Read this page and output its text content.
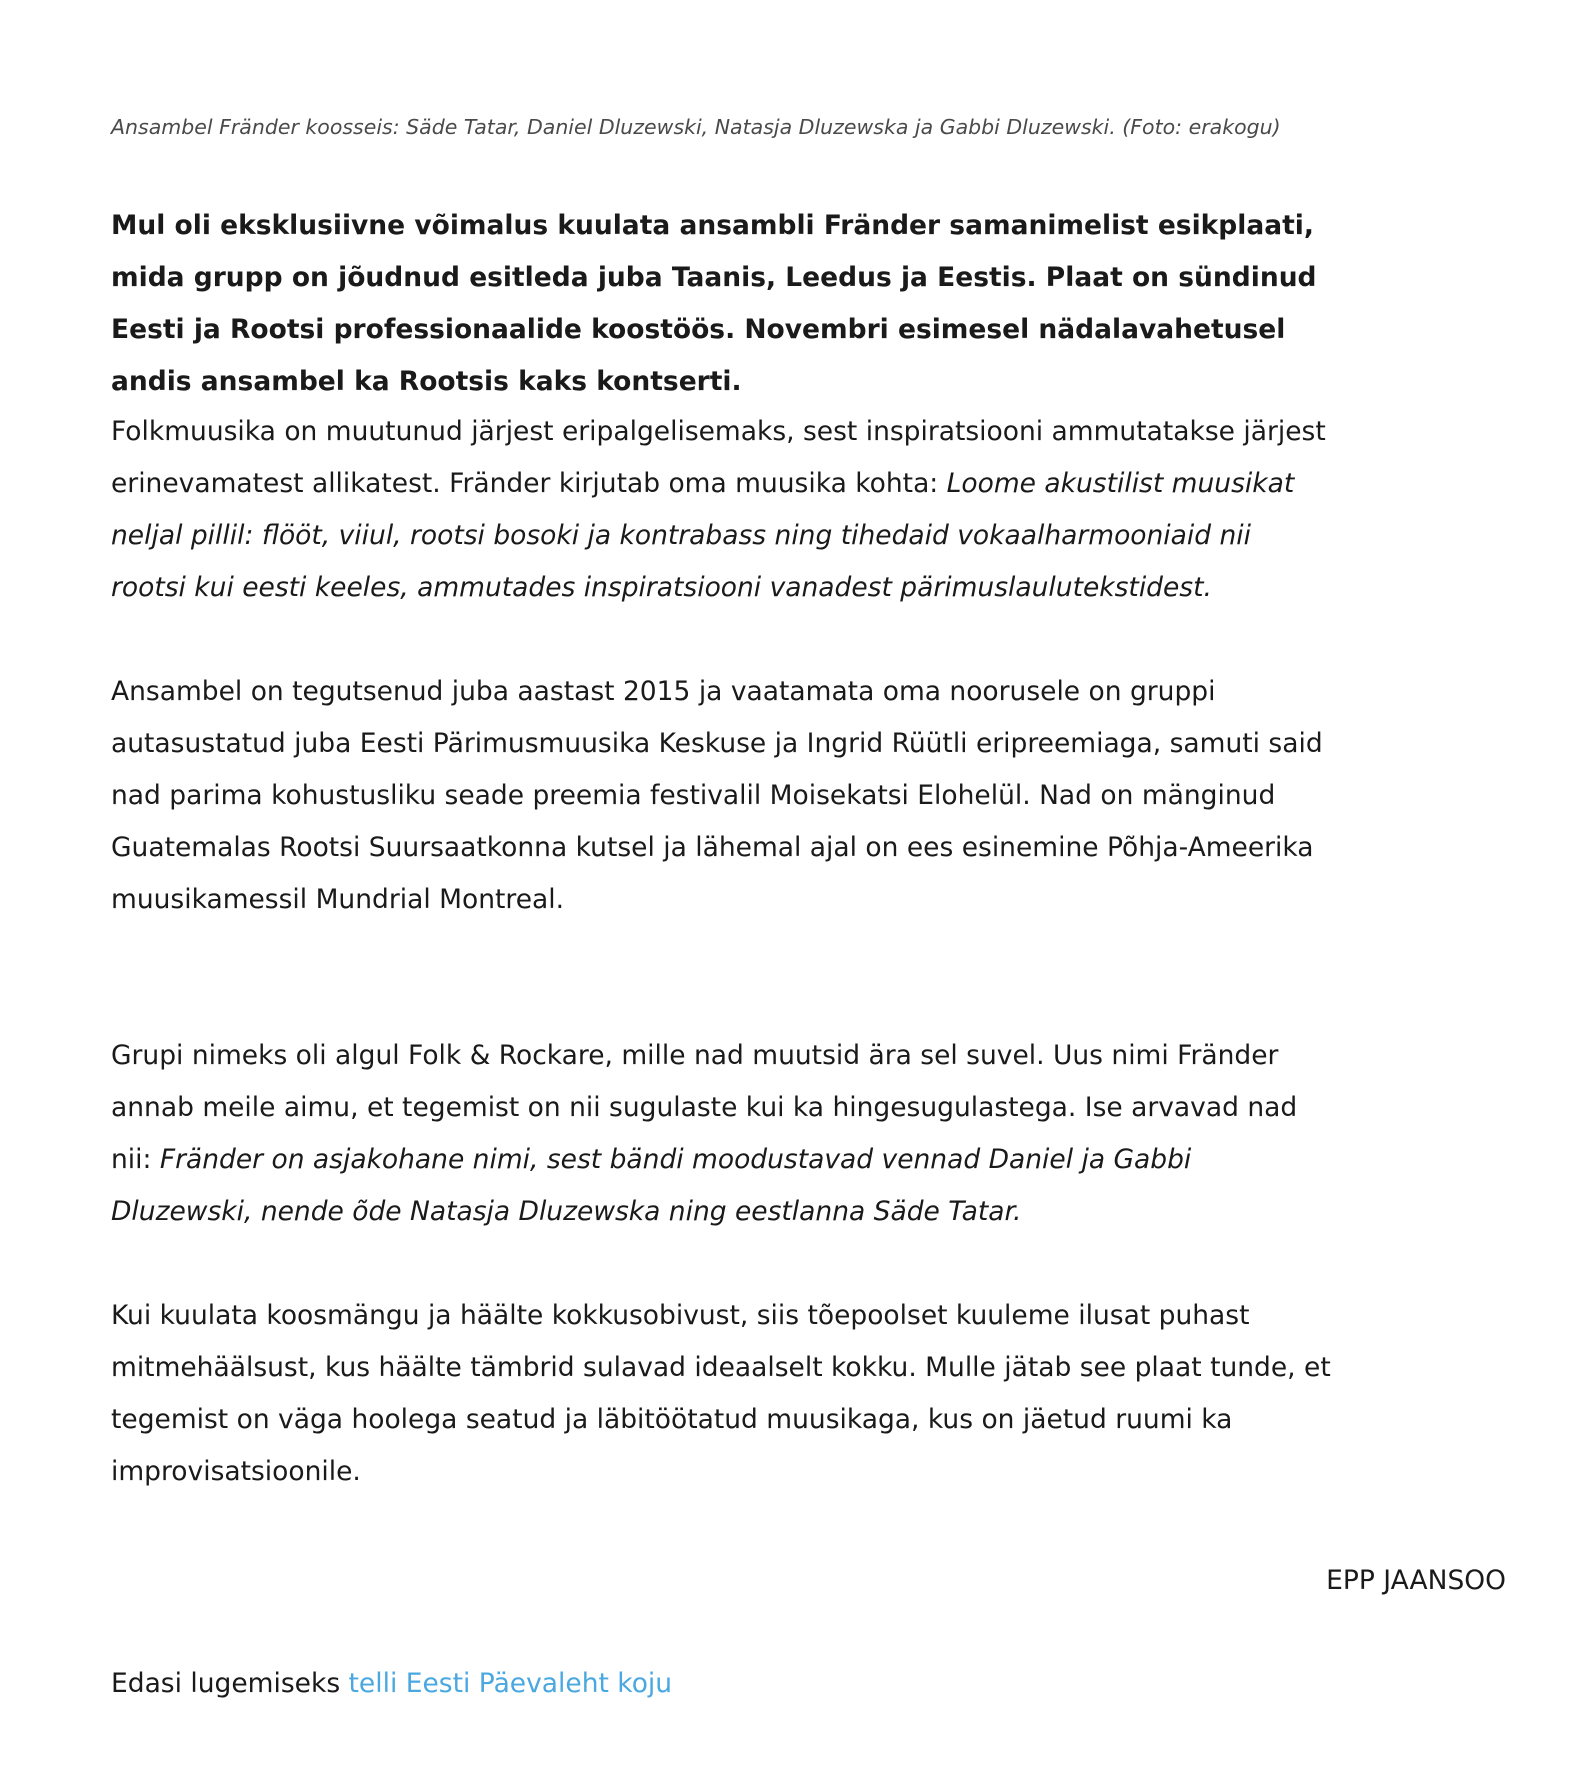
Ansambel Fränder koosseis: Säde Tatar, Daniel Dluzewski, Natasja Dluzewska ja Gabbi Dluzewski. (Foto: erakogu)

Mul oli eksklusiivne võimalus kuulata ansambli Fränder samanimelist esikplaati,
mida grupp on jõudnud esitleda juba Taanis, Leedus ja Eestis. Plaat on sündinud
Eesti ja Rootsi professionaalide koostöös. Novembri esimesel nädalavahetusel
andis ansambel ka Rootsis kaks kontserti.

Folkmuusika on muutunud järjest eripalgelisemaks, sest inspiratsiooni ammutatakse järjest
erinevamatest allikatest. Fränder kirjutab oma muusika kohta: Loome akustilist muusikat
neljal pillil: flööt, viiul, rootsi bosoki ja kontrabass ning tihedaid vokaalharmooniaid nii
rootsi kui eesti keeles, ammutades inspiratsiooni vanadest pärimuslaulutekstidest.

Ansambel on tegutsenud juba aastast 2015 ja vaatamata oma noorusele on gruppi
autasustatud juba Eesti Pärimusmuusika Keskuse ja Ingrid Rüütli eripreemiaga, samuti said
nad parima kohustusliku seade preemia festivalil Moisekatsi Elohelül. Nad on mänginud
Guatemalas Rootsi Suursaatkonna kutsel ja lähemal ajal on ees esinemine Põhja-Ameerika
muusikamessil Mundrial Montreal.

Grupi nimeks oli algul Folk & Rockare, mille nad muutsid ära sel suvel. Uus nimi Fränder
annab meile aimu, et tegemist on nii sugulaste kui ka hingesugulastega. Ise arvavad nad
nii: Fränder on asjakohane nimi, sest bändi moodustavad vennad Daniel ja Gabbi
Dluzewski, nende õde Natasja Dluzewska ning eestlanna Säde Tatar.

Kui kuulata koosmängu ja häälte kokkusobivust, siis tõepoolset kuuleme ilusat puhast
mitmehäälsust, kus häälte tämbrid sulavad ideaalselt kokku. Mulle jätab see plaat tunde, et
tegemist on väga hoolega seatud ja läbitöötatud muusikaga, kus on jäetud ruumi ka
improvisatsioonile.

EPP JAANSOO

Edasi lugemiseks telli Eesti Päevaleht koju
